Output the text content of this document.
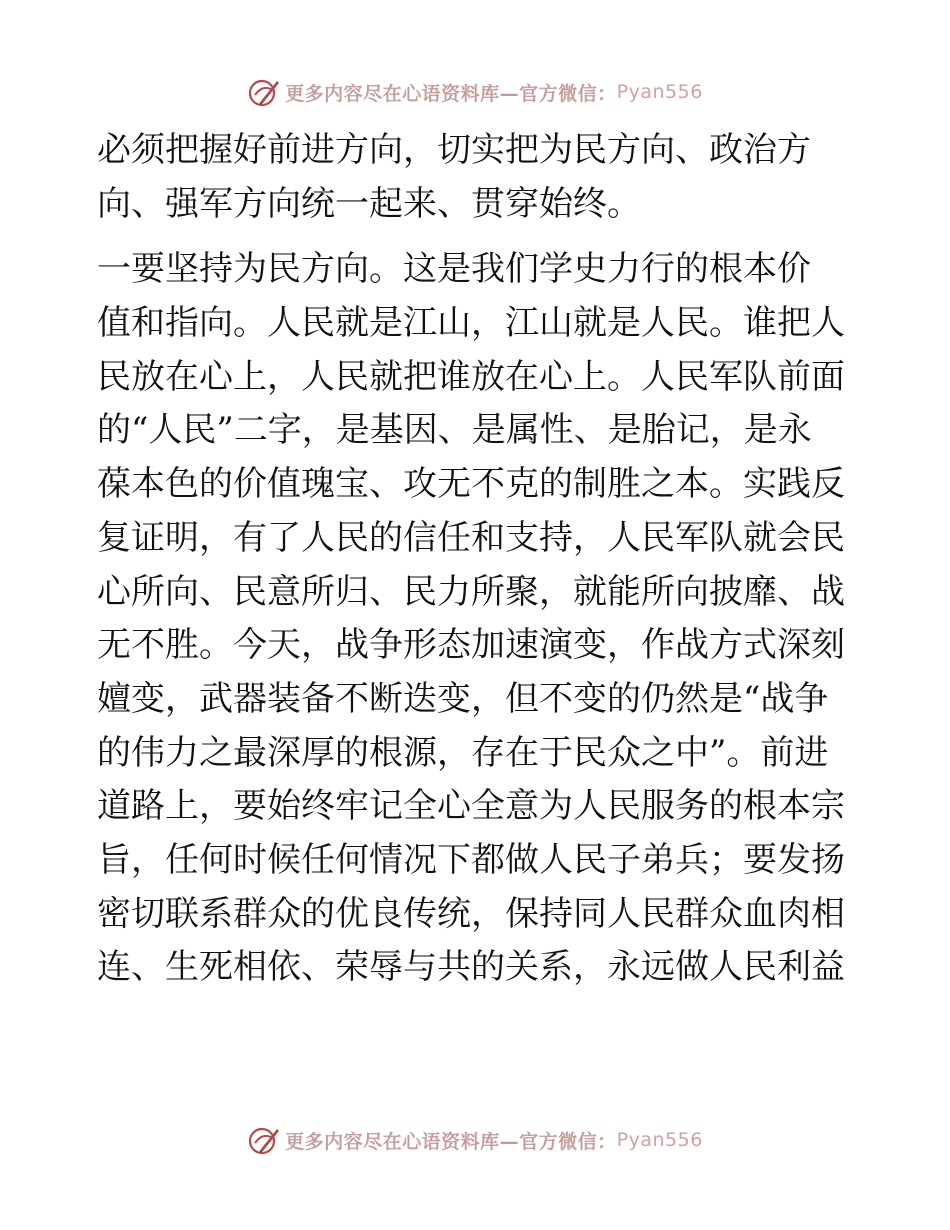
更多内容尽在心语资料库—官方微信： Pyan556

必须把握好前进方向，切实把为民方向、政治方
向、强军方向统一起来、贯穿始终。

一要坚持为民方向。这是我们学史力行的根本价
值和指向。人民就是江山，江山就是人民。谁把人
民放在心上，人民就把谁放在心上。人民军队前面
的“人民”二字，是基因、是属性、是胎记，是永
葆本色的价值瑰宝、攻无不克的制胜之本。实践反
复证明，有了人民的信任和支持，人民军队就会民
心所向、民意所归、民力所聚，就能所向披靡、战
无不胜。今天，战争形态加速演变，作战方式深刻
嬗变，武器装备不断迭变，但不变的仍然是“战争
的伟力之最深厚的根源，存在于民众之中”。前进
道路上，要始终牢记全心全意为人民服务的根本宗
旨，任何时候任何情况下都做人民子弟兵；要发扬
密切联系群众的优良传统，保持同人民群众血肉相
连、生死相依、荣辱与共的关系，永远做人民利益

更多内容尽在心语资料库—官方微信： Pyan556
